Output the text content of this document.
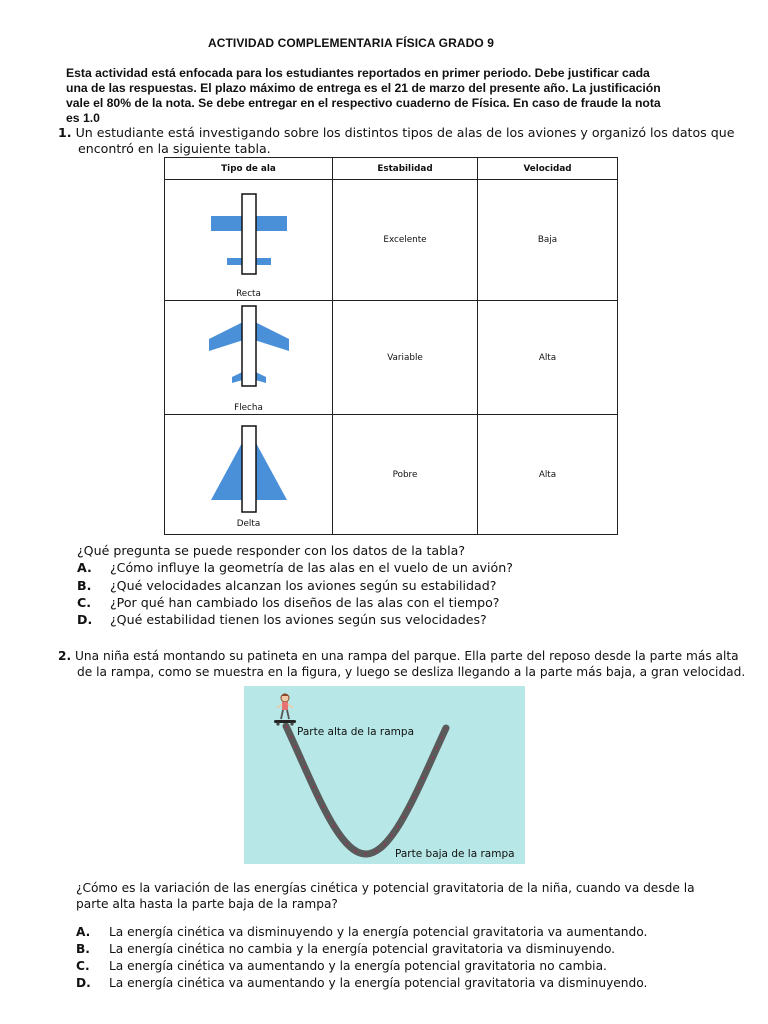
ACTIVIDAD COMPLEMENTARIA FÍSICA GRADO 9
Esta actividad está enfocada para los estudiantes reportados en primer periodo. Debe justificar cada
una de las respuestas. El plazo máximo de entrega es el 21 de marzo del presente año. La justificación
vale el 80% de la nota. Se debe entregar en el respectivo cuaderno de Física. En caso de fraude la nota
es 1.0
1. Un estudiante está investigando sobre los distintos tipos de alas de los aviones y organizó los datos que
encontró en la siguiente tabla.
Tipo de ala	Estabilidad	Velocidad

Recta	Excelente	Baja

Flecha	Variable	Alta

Delta	Pobre	Alta
¿Qué pregunta se puede responder con los datos de la tabla?
A. ¿Cómo influye la geometría de las alas en el vuelo de un avión?
B. ¿Qué velocidades alcanzan los aviones según su estabilidad?
C. ¿Por qué han cambiado los diseños de las alas con el tiempo?
D. ¿Qué estabilidad tienen los aviones según sus velocidades?
2. Una niña está montando su patineta en una rampa del parque. Ella parte del reposo desde la parte más alta
de la rampa, como se muestra en la figura, y luego se desliza llegando a la parte más baja, a gran velocidad.
Parte alta de la rampa
Parte baja de la rampa
¿Cómo es la variación de las energías cinética y potencial gravitatoria de la niña, cuando va desde la
parte alta hasta la parte baja de la rampa?
A. La energía cinética va disminuyendo y la energía potencial gravitatoria va aumentando.
B. La energía cinética no cambia y la energía potencial gravitatoria va disminuyendo.
C. La energía cinética va aumentando y la energía potencial gravitatoria no cambia.
D. La energía cinética va aumentando y la energía potencial gravitatoria va disminuyendo.
